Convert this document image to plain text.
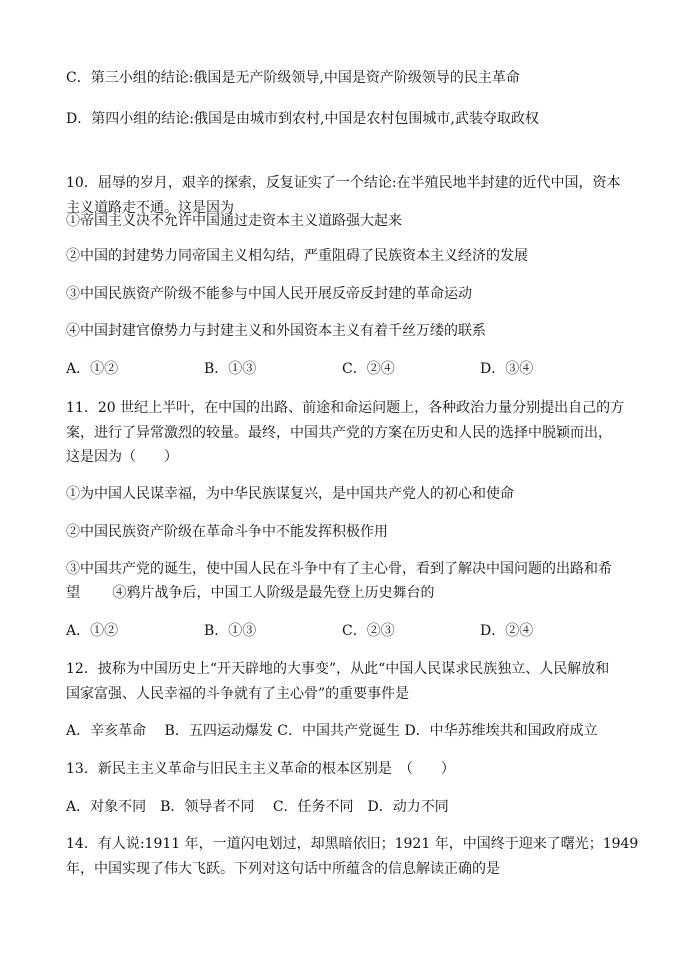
C．第三小组的结论:俄国是无产阶级领导,中国是资产阶级领导的民主革命
D．第四小组的结论:俄国是由城市到农村,中国是农村包围城市,武装夺取政权
10．屈辱的岁月，艰辛的探索，反复证实了一个结论:在半殖民地半封建的近代中国，资本
主义道路走不通。这是因为
①帝国主义决不允许中国通过走资本主义道路强大起来
②中国的封建势力同帝国主义相勾结，严重阻碍了民族资本主义经济的发展
③中国民族资产阶级不能参与中国人民开展反帝反封建的革命运动
④中国封建官僚势力与封建主义和外国资本主义有着千丝万缕的联系
A．①②	B．①③	C．②④	D．③④
11．20 世纪上半叶，在中国的出路、前途和命运问题上，各种政治力量分别提出自己的方
案，进行了异常激烈的较量。最终，中国共产党的方案在历史和人民的选择中脱颖而出，
这是因为（　　）
①为中国人民谋幸福，为中华民族谋复兴，是中国共产党人的初心和使命
②中国民族资产阶级在革命斗争中不能发挥积极作用
③中国共产党的诞生，使中国人民在斗争中有了主心骨，看到了解决中国问题的出路和希
望　　 ④鸦片战争后，中国工人阶级是最先登上历史舞台的
A．①②	B．①③	C．②③	D．②④
12．披称为中国历史上“开天辟地的大事变”，从此“中国人民谋求民族独立、人民解放和
国家富强、人民幸福的斗争就有了主心骨”的重要事件是
A．辛亥革命　 B．五四运动爆发 C．中国共产党诞生 D．中华苏维埃共和国政府成立
13．新民主主义革命与旧民主主义革命的根本区别是　（　　）
A．对象不同　B．领导者不同　 C．任务不同　D．动力不同
14．有人说:1911 年，一道闪电划过，却黑暗依旧；1921 年，中国终于迎来了曙光；1949
年，中国实现了伟大飞跃。下列对这句话中所蕴含的信息解读正确的是
